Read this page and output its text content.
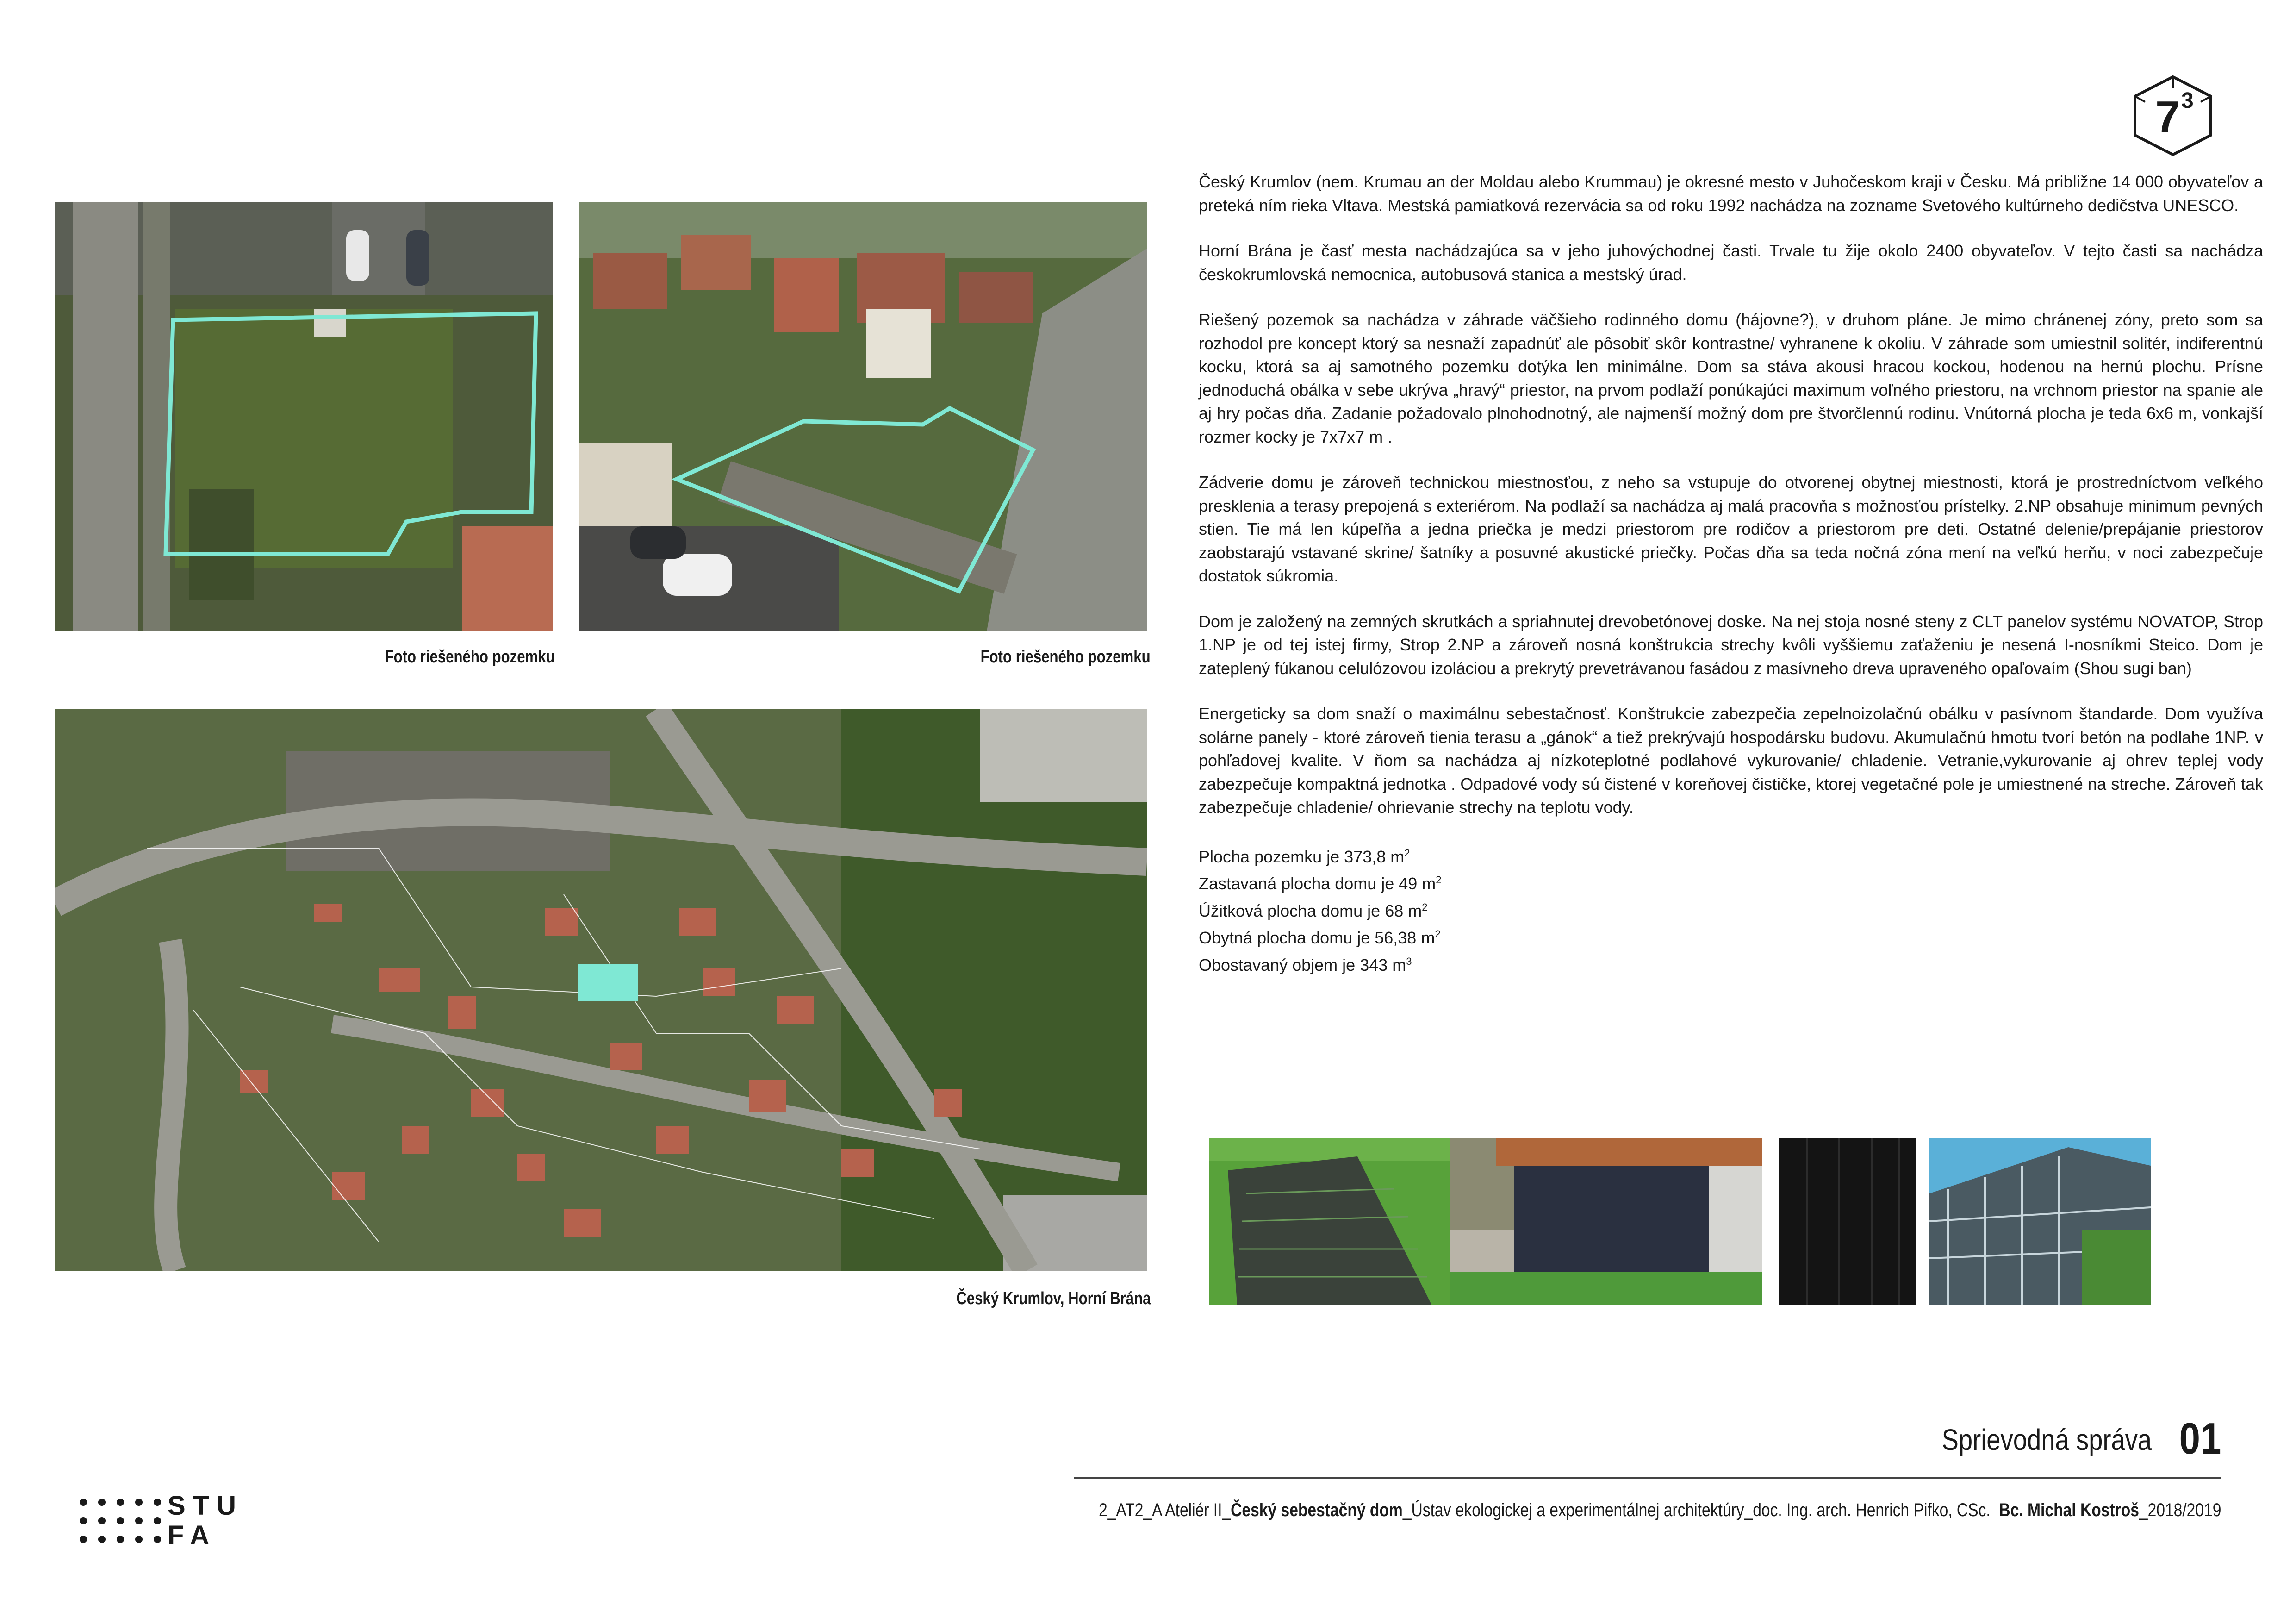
Foto riešeného pozemku	Foto riešeného pozemku
Český Krumlov, Horní Brána
7 3

Český Krumlov (nem. Krumau an der Moldau alebo Krummau) je okresné mesto v Juhočeskom kraji v Česku. Má približne 14 000 obyvateľov a preteká ním rieka Vltava. Mestská pamiatková rezervácia sa od roku 1992 nachádza na zozname Svetového kultúrneho dedičstva UNESCO.

Horní Brána je časť mesta nachádzajúca sa v jeho juhovýchodnej časti. Trvale tu žije okolo 2400 obyvateľov. V tejto časti sa nachádza českokrumlovská nemocnica, autobusová stanica a mestský úrad.

Riešený pozemok sa nachádza v záhrade väčšieho rodinného domu (hájovne?), v druhom pláne. Je mimo chránenej zóny, preto som sa rozhodol pre koncept ktorý sa nesnaží zapadnúť ale pôsobiť skôr kontrastne/ vyhranene k okoliu. V záhrade som umiestnil solitér, indiferentnú kocku, ktorá sa aj samotného pozemku dotýka len minimálne. Dom sa stáva akousi hracou kockou, hodenou na hernú plochu. Prísne jednoduchá obálka v sebe ukrýva „hravý“ priestor, na prvom podlaží ponúkajúci maximum voľného priestoru, na vrchnom priestor na spanie ale aj hry počas dňa. Zadanie požadovalo plnohodnotný, ale najmenší možný dom pre štvorčlennú rodinu. Vnútorná plocha je teda 6x6 m, vonkajší rozmer kocky je 7x7x7 m .

Zádverie domu je zároveň technickou miestnosťou, z neho sa vstupuje do otvorenej obytnej miestnosti, ktorá je prostredníctvom veľkého presklenia a terasy prepojená s exteriérom. Na podlaží sa nachádza aj malá pracovňa s možnosťou prístelky. 2.NP obsahuje minimum pevných stien. Tie má len kúpeľňa a jedna priečka je medzi priestorom pre rodičov a priestorom pre deti. Ostatné delenie/prepájanie priestorov zaobstarajú vstavané skrine/ šatníky a posuvné akustické priečky. Počas dňa sa teda nočná zóna mení na veľkú herňu, v noci zabezpečuje dostatok súkromia.

Dom je založený na zemných skrutkách a spriahnutej drevobetónovej doske. Na nej stoja nosné steny z CLT panelov systému NOVATOP, Strop 1.NP je od tej istej firmy, Strop 2.NP a zároveň nosná konštrukcia strechy kvôli vyššiemu zaťaženiu je nesená I-nosníkmi Steico. Dom je zateplený fúkanou celulózovou izoláciou a prekrytý prevetrávanou fasádou z masívneho dreva upraveného opaľovaím (Shou sugi ban)

Energeticky sa dom snaží o maximálnu sebestačnosť. Konštrukcie zabezpečia zepelnoizolačnú obálku v pasívnom štandarde. Dom využíva solárne panely - ktoré zároveň tienia terasu a „gánok“ a tiež prekrývajú hospodársku budovu. Akumulačnú hmotu tvorí betón na podlahe 1NP. v pohľadovej kvalite. V ňom sa nachádza aj nízkoteplotné podlahové vykurovanie/ chladenie. Vetranie,vykurovanie aj ohrev teplej vody zabezpečuje kompaktná jednotka . Odpadové vody sú čistené v koreňovej čističke, ktorej vegetačné pole je umiestnené na streche. Zároveň tak zabezpečuje chladenie/ ohrievanie strechy na teplotu vody.

Plocha pozemku je 373,8 $m^2$
Zastavaná plocha domu je 49 $m^2$
Úžitková plocha domu je 68 $m^2$
Obytná plocha domu je 56,38 $m^2$
Obostavaný objem je 343 $m^3$
Sprievodná správa 01
2_AT2_A Ateliér II_Český sebestačný dom_Ústav ekologickej a experimentálnej architektúry_doc. Ing. arch. Henrich Pifko, CSc._Bc. Michal Kostroš_2018/2019
STU
FA
